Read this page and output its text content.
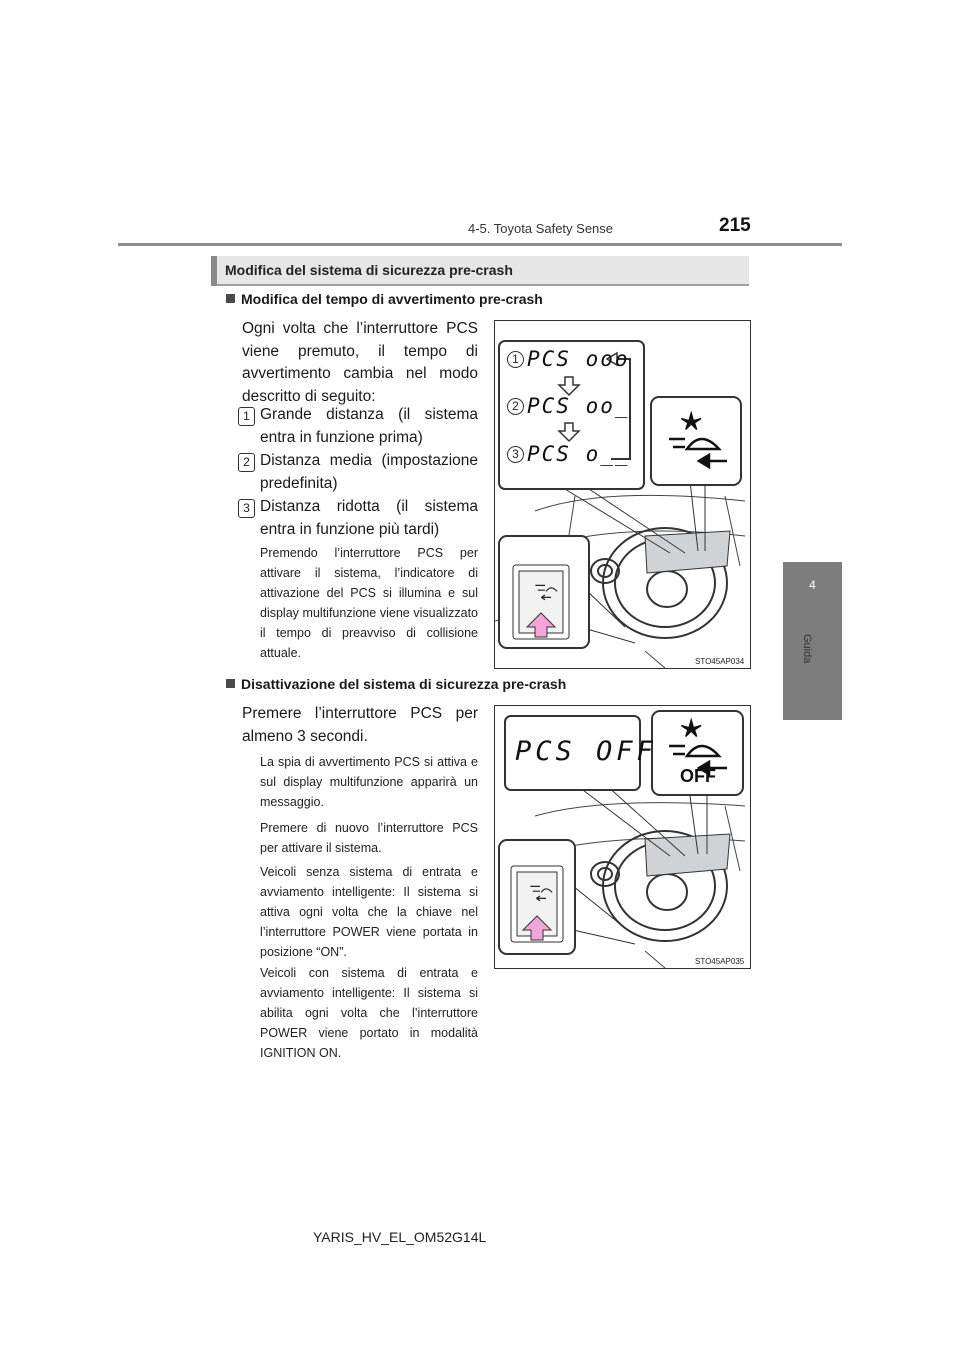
4-5. Toyota Safety Sense	215
4
Guida
Modifica del sistema di sicurezza pre-crash
Modifica del tempo di avvertimento pre-crash
Ogni volta che l’interruttore PCS viene premuto, il tempo di avvertimento cambia nel modo descritto di seguito:
1 Grande distanza (il sistema entra in funzione prima)
2 Distanza media (impostazione predefinita)
3 Distanza ridotta (il sistema entra in funzione più tardi)
Premendo l’interruttore PCS per attivare il sistema, l’indicatore di attivazione del PCS si illumina e sul display multifunzione viene visualizzato il tempo di preavviso di collisione attuale.
1 PCS ooo
2 PCS oo_
3 PCS o__
STO45AP034
Disattivazione del sistema di sicurezza pre-crash
Premere l’interruttore PCS per almeno 3 secondi.
La spia di avvertimento PCS si attiva e sul display multifunzione apparirà un messaggio.
Premere di nuovo l’interruttore PCS per attivare il sistema.
Veicoli senza sistema di entrata e avviamento intelligente: Il sistema si attiva ogni volta che la chiave nel l’interruttore POWER viene portata in posizione “ON”.
Veicoli con sistema di entrata e avviamento intelligente: Il sistema si abilita ogni volta che l’interruttore POWER viene portato in modalità IGNITION ON.
PCS OFF
OFF
STO45AP035
YARIS_HV_EL_OM52G14L
